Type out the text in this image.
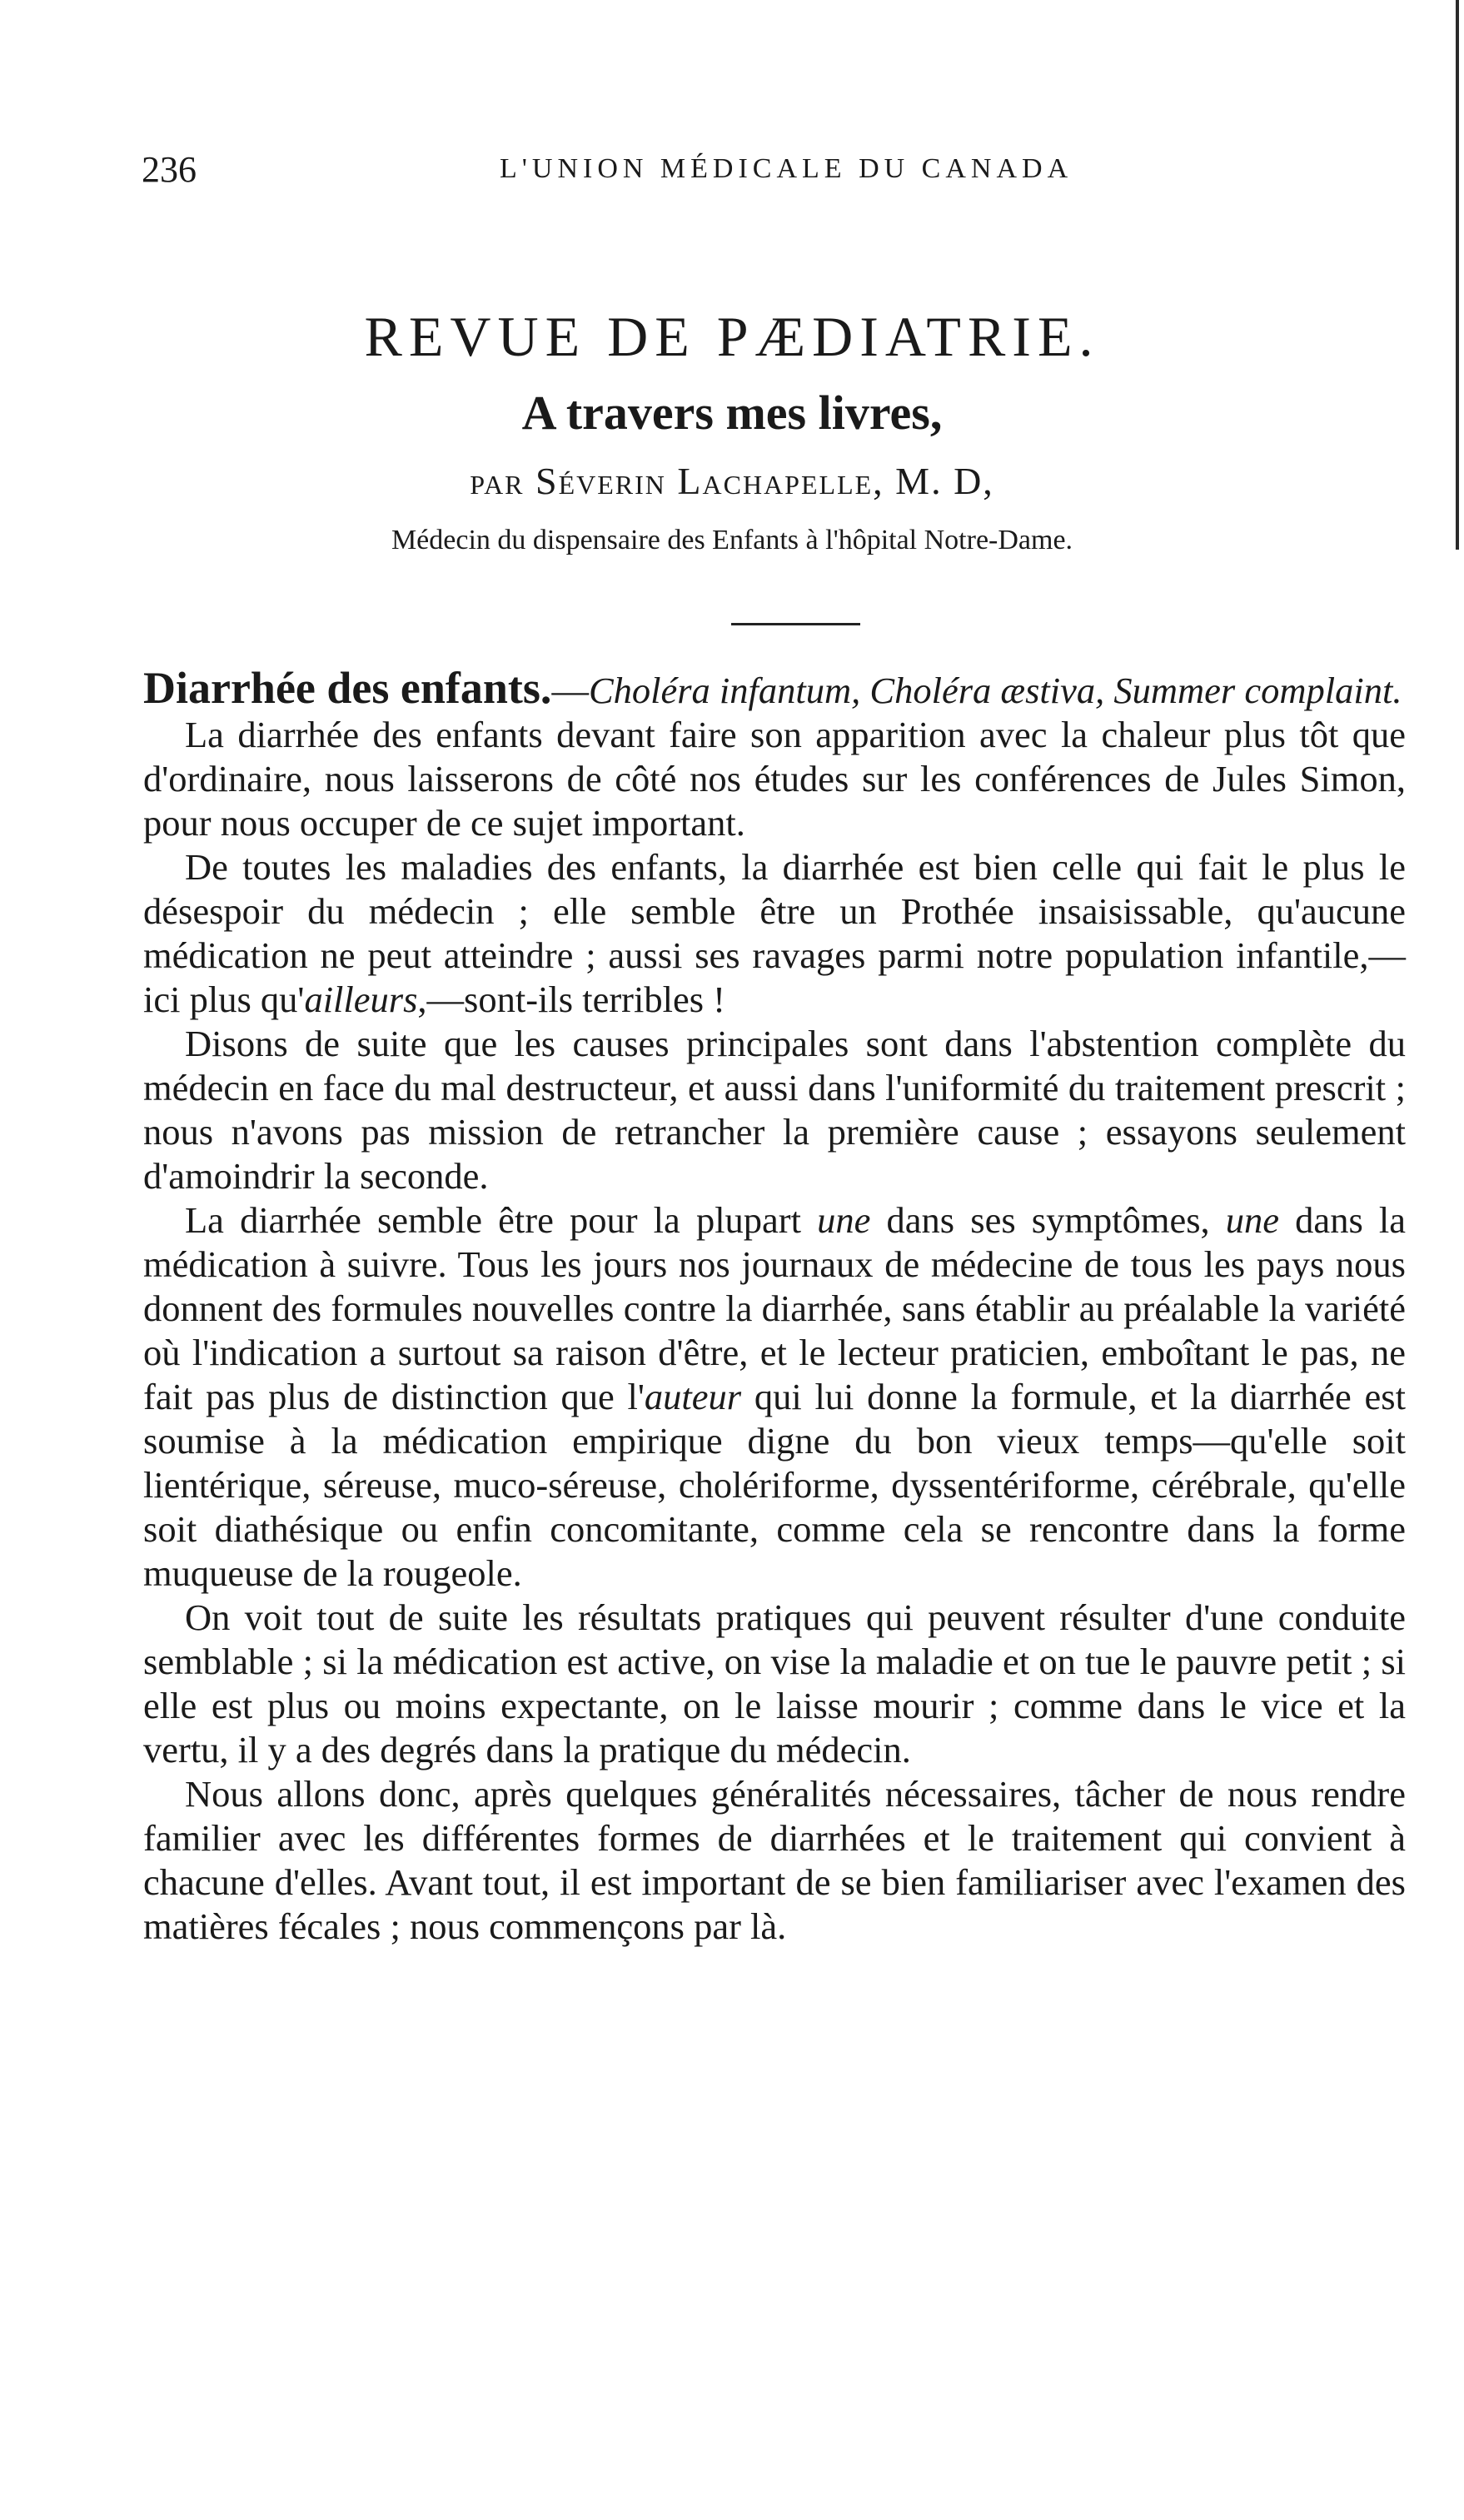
236	L'UNION MÉDICALE DU CANADA
REVUE DE PÆDIATRIE.
A travers mes livres,
par Séverin Lachapelle, M. D,
Médecin du dispensaire des Enfants à l'hôpital Notre-Dame.

Diarrhée des enfants.—Choléra infantum, Choléra æstiva, Summer complaint.

La diarrhée des enfants devant faire son apparition avec la chaleur plus tôt que d'ordinaire, nous laisserons de côté nos études sur les conférences de Jules Simon, pour nous occuper de ce sujet important.

De toutes les maladies des enfants, la diarrhée est bien celle qui fait le plus le désespoir du médecin ; elle semble être un Prothée insaisissable, qu'aucune médication ne peut atteindre ; aussi ses ravages parmi notre population infantile,—ici plus qu'ailleurs,—sont-ils terribles !

Disons de suite que les causes principales sont dans l'abstention complète du médecin en face du mal destructeur, et aussi dans l'uniformité du traitement prescrit ; nous n'avons pas mission de retrancher la première cause ; essayons seulement d'amoindrir la seconde.

La diarrhée semble être pour la plupart une dans ses symptômes, une dans la médication à suivre. Tous les jours nos journaux de médecine de tous les pays nous donnent des formules nouvelles contre la diarrhée, sans établir au préalable la variété où l'indication a surtout sa raison d'être, et le lecteur praticien, emboîtant le pas, ne fait pas plus de distinction que l'auteur qui lui donne la formule, et la diarrhée est soumise à la médication empirique digne du bon vieux temps—qu'elle soit lientérique, séreuse, muco-séreuse, cholériforme, dyssentériforme, cérébrale, qu'elle soit diathésique ou enfin concomitante, comme cela se rencontre dans la forme muqueuse de la rougeole.

On voit tout de suite les résultats pratiques qui peuvent résulter d'une conduite semblable ; si la médication est active, on vise la maladie et on tue le pauvre petit ; si elle est plus ou moins expectante, on le laisse mourir ; comme dans le vice et la vertu, il y a des degrés dans la pratique du médecin.

Nous allons donc, après quelques généralités nécessaires, tâcher de nous rendre familier avec les différentes formes de diarrhées et le traitement qui convient à chacune d'elles. Avant tout, il est important de se bien familiariser avec l'examen des matières fécales ; nous commençons par là.
